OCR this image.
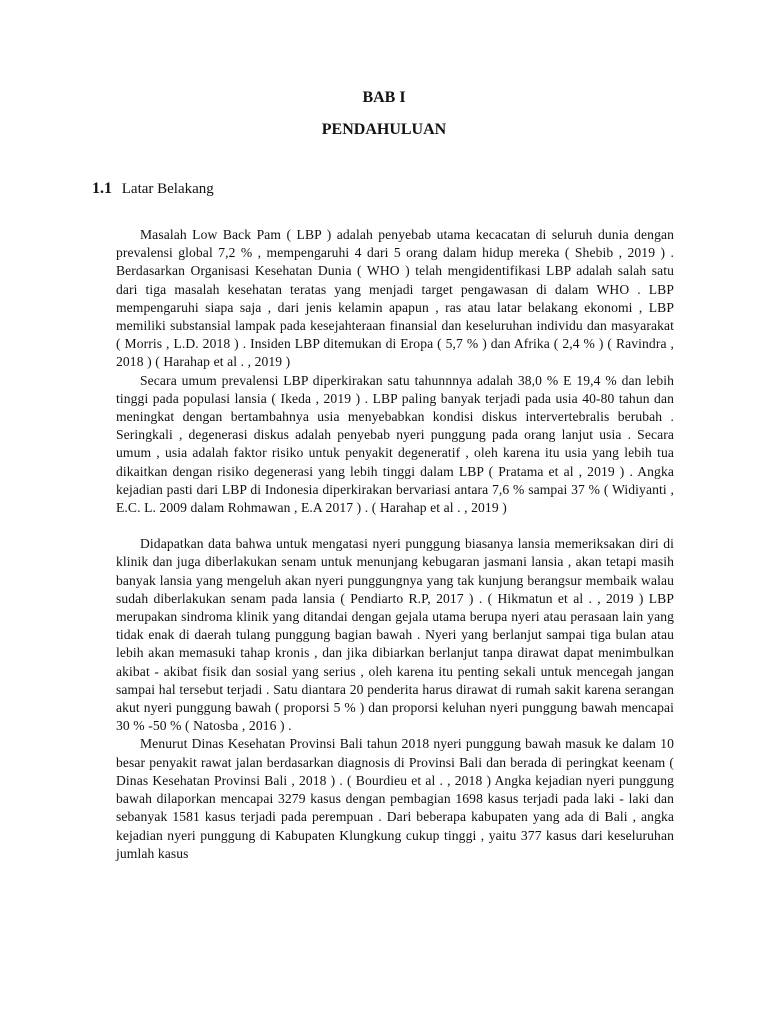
BAB I
PENDAHULUAN
1.1 Latar Belakang

Masalah Low Back Pam ( LBP ) adalah penyebab utama kecacatan di seluruh dunia dengan prevalensi global 7,2 % , mempengaruhi 4 dari 5 orang dalam hidup mereka ( Shebib , 2019 ) . Berdasarkan Organisasi Kesehatan Dunia ( WHO ) telah mengidentifikasi LBP adalah salah satu dari tiga masalah kesehatan teratas yang menjadi target pengawasan di dalam WHO . LBP mempengaruhi siapa saja , dari jenis kelamin apapun , ras atau latar belakang ekonomi , LBP memiliki substansial lampak pada kesejahteraan finansial dan keseluruhan individu dan masyarakat ( Morris , L.D. 2018 ) . Insiden LBP ditemukan di Eropa ( 5,7 % ) dan Afrika ( 2,4 % ) ( Ravindra , 2018 ) ( Harahap et al . , 2019 )

Secara umum prevalensi LBP diperkirakan satu tahunnnya adalah 38,0 % E 19,4 % dan lebih tinggi pada populasi lansia ( Ikeda , 2019 ) . LBP paling banyak terjadi pada usia 40-80 tahun dan meningkat dengan bertambahnya usia menyebabkan kondisi diskus intervertebralis berubah . Seringkali , degenerasi diskus adalah penyebab nyeri punggung pada orang lanjut usia . Secara umum , usia adalah faktor risiko untuk penyakit degeneratif , oleh karena itu usia yang lebih tua dikaitkan dengan risiko degenerasi yang lebih tinggi dalam LBP ( Pratama et al , 2019 ) . Angka kejadian pasti dari LBP di Indonesia diperkirakan bervariasi antara 7,6 % sampai 37 % ( Widiyanti , E.C. L. 2009 dalam Rohmawan , E.A 2017 ) . ( Harahap et al . , 2019 )

Didapatkan data bahwa untuk mengatasi nyeri punggung biasanya lansia memeriksakan diri di klinik dan juga diberlakukan senam untuk menunjang kebugaran jasmani lansia , akan tetapi masih banyak lansia yang mengeluh akan nyeri punggungnya yang tak kunjung berangsur membaik walau sudah diberlakukan senam pada lansia ( Pendiarto R.P, 2017 ) . ( Hikmatun et al . , 2019 ) LBP merupakan sindroma klinik yang ditandai dengan gejala utama berupa nyeri atau perasaan lain yang tidak enak di daerah tulang punggung bagian bawah . Nyeri yang berlanjut sampai tiga bulan atau lebih akan memasuki tahap kronis , dan jika dibiarkan berlanjut tanpa dirawat dapat menimbulkan akibat - akibat fisik dan sosial yang serius , oleh karena itu penting sekali untuk mencegah jangan sampai hal tersebut terjadi . Satu diantara 20 penderita harus dirawat di rumah sakit karena serangan akut nyeri punggung bawah ( proporsi 5 % ) dan proporsi keluhan nyeri punggung bawah mencapai 30 % -50 % ( Natosba , 2016 ) .

Menurut Dinas Kesehatan Provinsi Bali tahun 2018 nyeri punggung bawah masuk ke dalam 10 besar penyakit rawat jalan berdasarkan diagnosis di Provinsi Bali dan berada di peringkat keenam ( Dinas Kesehatan Provinsi Bali , 2018 ) . ( Bourdieu et al . , 2018 ) Angka kejadian nyeri punggung bawah dilaporkan mencapai 3279 kasus dengan pembagian 1698 kasus terjadi pada laki - laki dan sebanyak 1581 kasus terjadi pada perempuan . Dari beberapa kabupaten yang ada di Bali , angka kejadian nyeri punggung di Kabupaten Klungkung cukup tinggi , yaitu 377 kasus dari keseluruhan jumlah kasus
